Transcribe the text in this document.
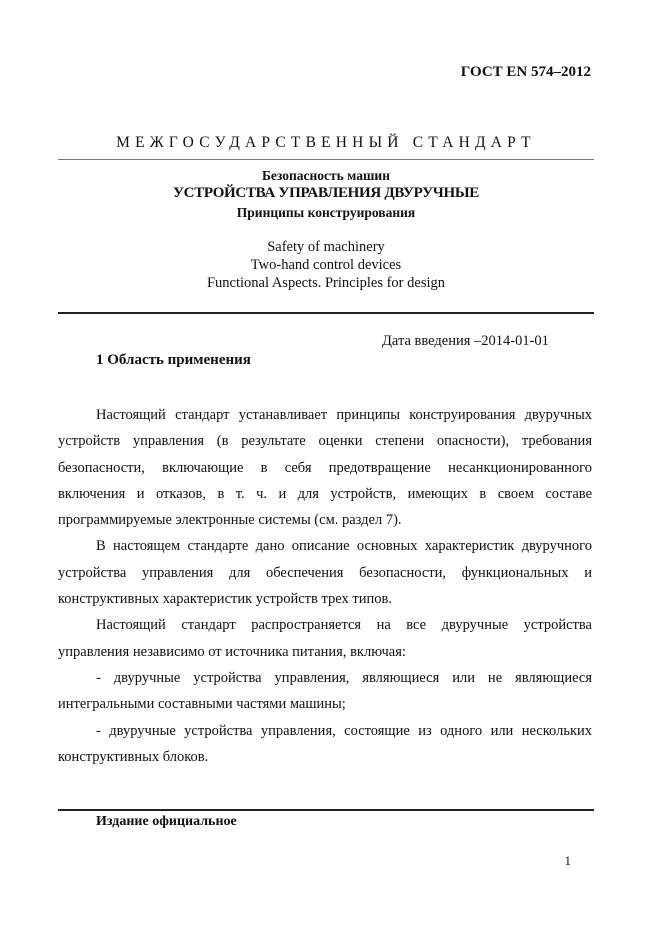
ГОСТ EN 574–2012
МЕЖГОСУДАРСТВЕННЫЙ СТАНДАРТ
Безопасность машин
УСТРОЙСТВА УПРАВЛЕНИЯ ДВУРУЧНЫЕ
Принципы конструирования
Safety of machinery
Two-hand control devices
Functional Aspects. Principles for design
Дата введения –2014-01-01
1 Область применения

Настоящий стандарт устанавливает принципы конструирования двуручных устройств управления (в результате оценки степени опасности), требования безопасности, включающие в себя предотвращение несанкционированного включения и отказов, в т. ч. и для устройств, имеющих в своем составе программируемые электронные системы (см. раздел 7).

В настоящем стандарте дано описание основных характеристик двуручного устройства управления для обеспечения безопасности, функциональных и конструктивных характеристик устройств трех типов.

Настоящий стандарт распространяется на все двуручные устройства управления независимо от источника питания, включая:

- двуручные устройства управления, являющиеся или не являющиеся интегральными составными частями машины;

- двуручные устройства управления, состоящие из одного или нескольких конструктивных блоков.

Издание официальное
1
